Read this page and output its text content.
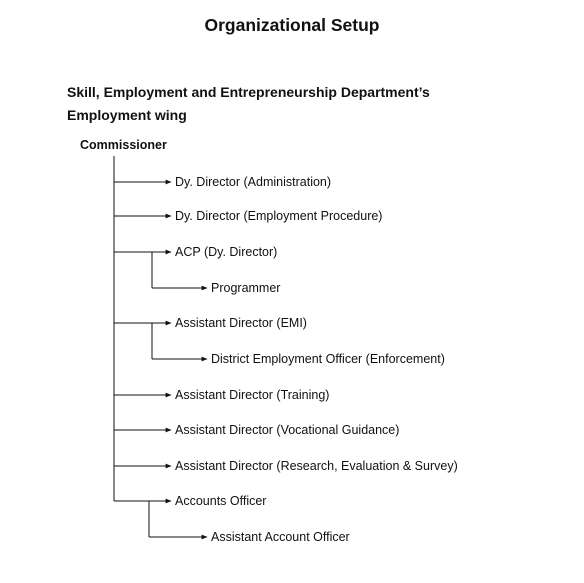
Organizational Setup
Skill, Employment and Entrepreneurship Department’s
Employment wing
Commissioner
Dy. Director (Administration)
Dy. Director (Employment Procedure)
ACP (Dy. Director)
Programmer
Assistant Director (EMI)
District Employment Officer (Enforcement)
Assistant Director (Training)
Assistant Director (Vocational Guidance)
Assistant Director (Research, Evaluation & Survey)
Accounts Officer
Assistant Account Officer
